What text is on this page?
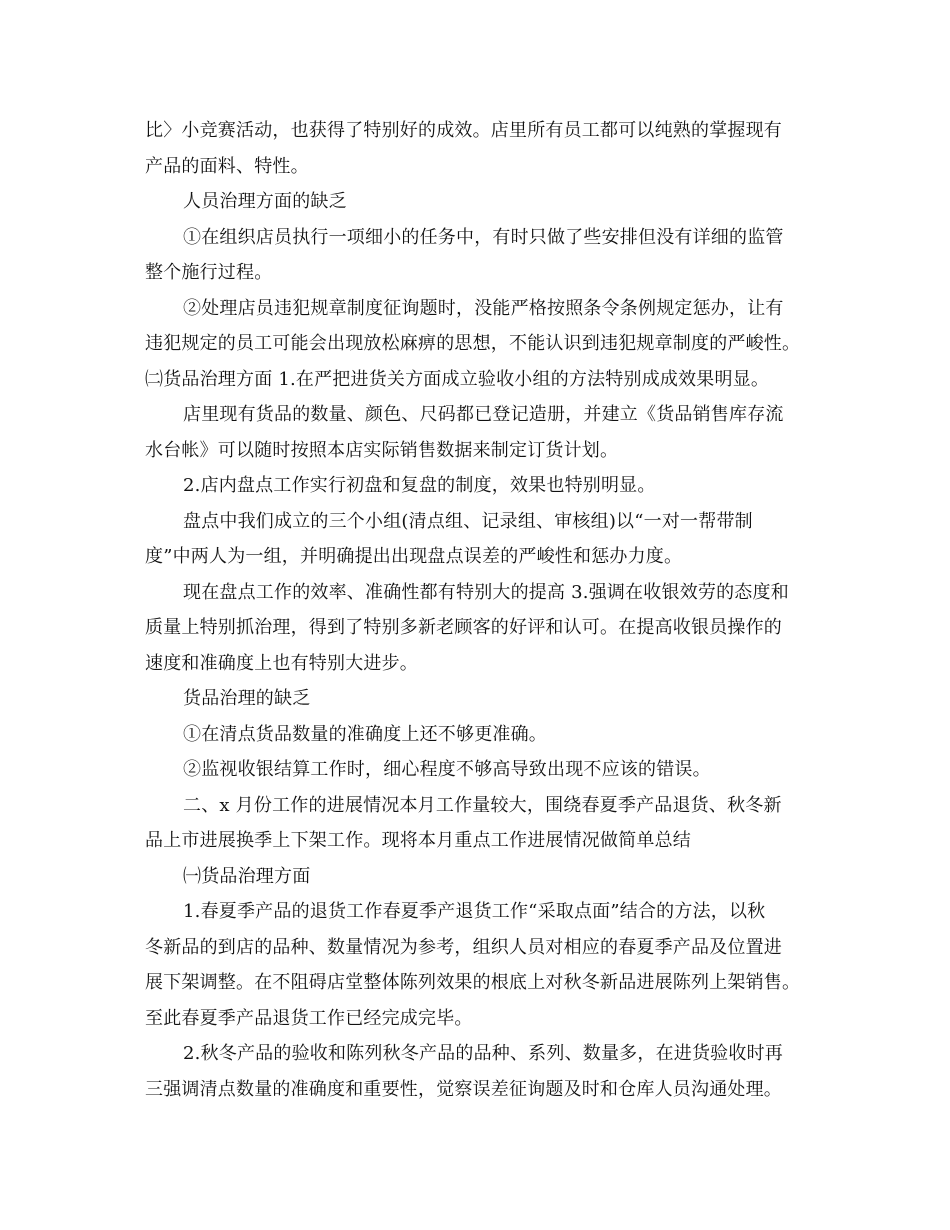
比〉小竞赛活动，也获得了特别好的成效。店里所有员工都可以纯熟的掌握现有
产品的面料、特性。
人员治理方面的缺乏
①在组织店员执行一项细小的任务中，有时只做了些安排但没有详细的监管
整个施行过程。
②处理店员违犯规章制度征询题时，没能严格按照条令条例规定惩办，让有
违犯规定的员工可能会出现放松麻痹的思想，不能认识到违犯规章制度的严峻性。
㈡货品治理方面 1.在严把进货关方面成立验收小组的方法特别成成效果明显。
店里现有货品的数量、颜色、尺码都已登记造册，并建立《货品销售库存流
水台帐》可以随时按照本店实际销售数据来制定订货计划。
2.店内盘点工作实行初盘和复盘的制度，效果也特别明显。
盘点中我们成立的三个小组(清点组、记录组、审核组)以“一对一帮带制
度”中两人为一组，并明确提出出现盘点误差的严峻性和惩办力度。
现在盘点工作的效率、准确性都有特别大的提高 3.强调在收银效劳的态度和
质量上特别抓治理，得到了特别多新老顾客的好评和认可。在提高收银员操作的
速度和准确度上也有特别大进步。
货品治理的缺乏
①在清点货品数量的准确度上还不够更准确。
②监视收银结算工作时，细心程度不够高导致出现不应该的错误。
二、x 月份工作的进展情况本月工作量较大，围绕春夏季产品退货、秋冬新
品上市进展换季上下架工作。现将本月重点工作进展情况做简单总结
㈠货品治理方面
1.春夏季产品的退货工作春夏季产退货工作“采取点面”结合的方法，以秋
冬新品的到店的品种、数量情况为参考，组织人员对相应的春夏季产品及位置进
展下架调整。在不阻碍店堂整体陈列效果的根底上对秋冬新品进展陈列上架销售。
至此春夏季产品退货工作已经完成完毕。
2.秋冬产品的验收和陈列秋冬产品的品种、系列、数量多，在进货验收时再
三强调清点数量的准确度和重要性，觉察误差征询题及时和仓库人员沟通处理。
